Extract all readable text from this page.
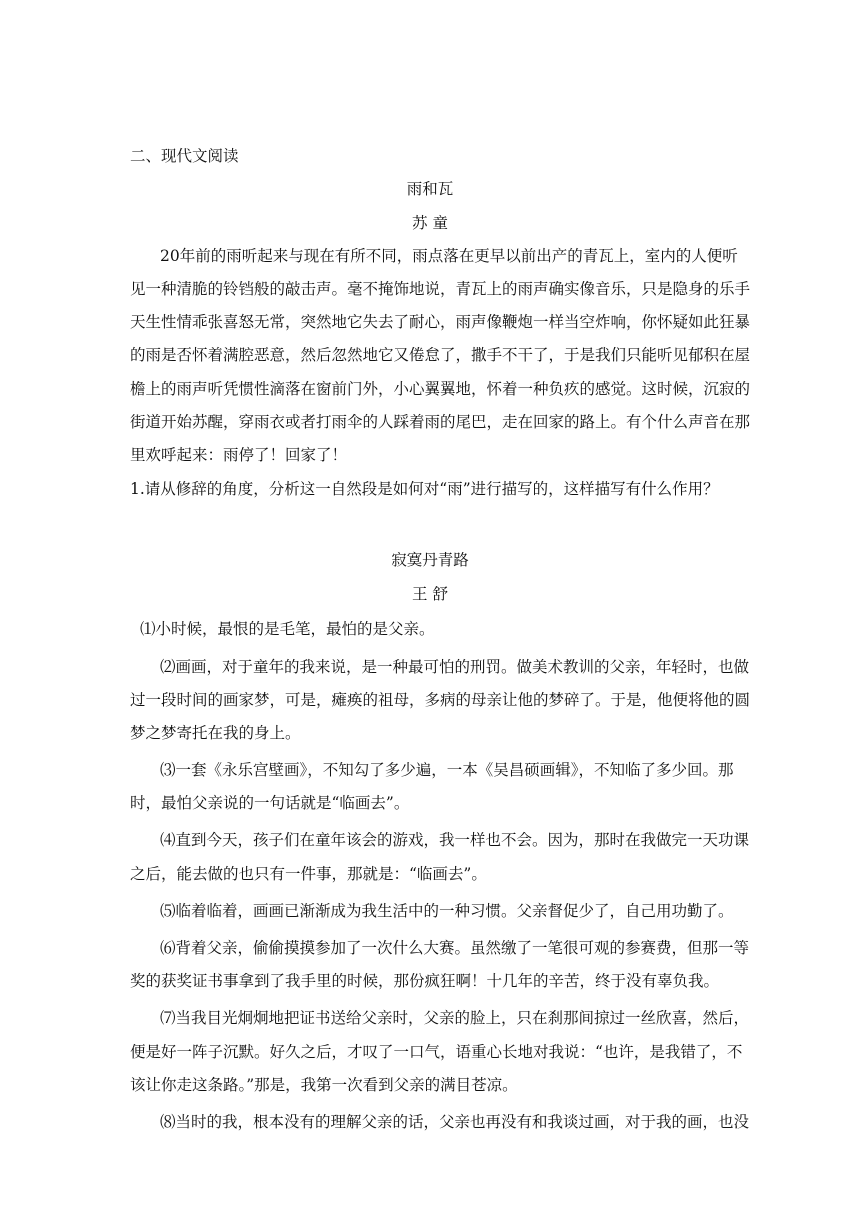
二、现代文阅读
雨和瓦
苏 童
20年前的雨听起来与现在有所不同，雨点落在更早以前出产的青瓦上，室内的人便听
见一种清脆的铃铛般的敲击声。毫不掩饰地说，青瓦上的雨声确实像音乐，只是隐身的乐手
天生性情乖张喜怒无常，突然地它失去了耐心，雨声像鞭炮一样当空炸响，你怀疑如此狂暴
的雨是否怀着满腔恶意，然后忽然地它又倦怠了，撒手不干了，于是我们只能听见郁积在屋
檐上的雨声听凭惯性滴落在窗前门外，小心翼翼地，怀着一种负疚的感觉。这时候，沉寂的
街道开始苏醒，穿雨衣或者打雨伞的人踩着雨的尾巴，走在回家的路上。有个什么声音在那
里欢呼起来：雨停了！回家了！
1.请从修辞的角度，分析这一自然段是如何对“雨”进行描写的，这样描写有什么作用？
寂寞丹青路
王 舒
⑴小时候，最恨的是毛笔，最怕的是父亲。
⑵画画，对于童年的我来说，是一种最可怕的刑罚。做美术教训的父亲，年轻时，也做
过一段时间的画家梦，可是，瘫痪的祖母，多病的母亲让他的梦碎了。于是，他便将他的圆
梦之梦寄托在我的身上。
⑶一套《永乐宫壁画》，不知勾了多少遍，一本《吴昌硕画辑》，不知临了多少回。那
时，最怕父亲说的一句话就是“临画去”。
⑷直到今天，孩子们在童年该会的游戏，我一样也不会。因为，那时在我做完一天功课
之后，能去做的也只有一件事，那就是：“临画去”。
⑸临着临着，画画已渐渐成为我生活中的一种习惯。父亲督促少了，自己用功勤了。
⑹背着父亲，偷偷摸摸参加了一次什么大赛。虽然缴了一笔很可观的参赛费，但那一等
奖的获奖证书事拿到了我手里的时候，那份疯狂啊！十几年的辛苦，终于没有辜负我。
⑺当我目光炯炯地把证书送给父亲时，父亲的脸上，只在刹那间掠过一丝欣喜，然后，
便是好一阵子沉默。好久之后，才叹了一口气，语重心长地对我说：“也许，是我错了，不
该让你走这条路。”那是，我第一次看到父亲的满目苍凉。
⑻当时的我，根本没有的理解父亲的话，父亲也再没有和我谈过画，对于我的画，也没
